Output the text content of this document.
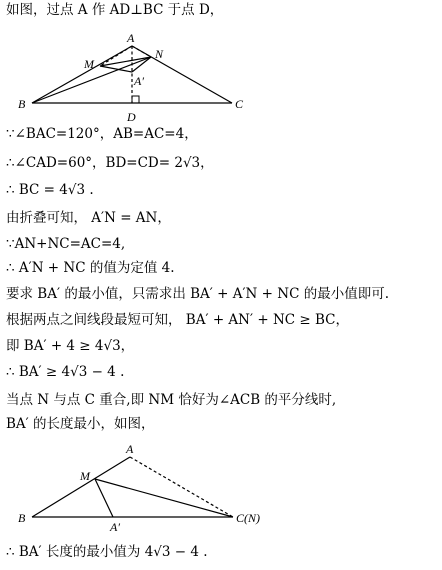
如图，过点 A 作 AD⊥BC 于点 D，
A
M
N
A′
B	C
D
∵∠BAC=120°，AB=AC=4，
∴∠CAD=60°，BD=CD= 2√3，
∴ BC = 4√3 .
由折叠可知， A′N = AN，
∵AN+NC=AC=4,
∴ A′N + NC 的值为定值 4.
要求 BA′ 的最小值，只需求出 BA′ + A′N + NC 的最小值即可.
根据两点之间线段最短可知， BA′ + AN′ + NC ≥ BC，
即 BA′ + 4 ≥ 4√3，
∴ BA′ ≥ 4√3 − 4 .
当点 N 与点 C 重合,即 NM 恰好为∠ACB 的平分线时,
BA′ 的长度最小，如图，
A
M
A′
B	C(N)
∴ BA′ 长度的最小值为 4√3 − 4 .
